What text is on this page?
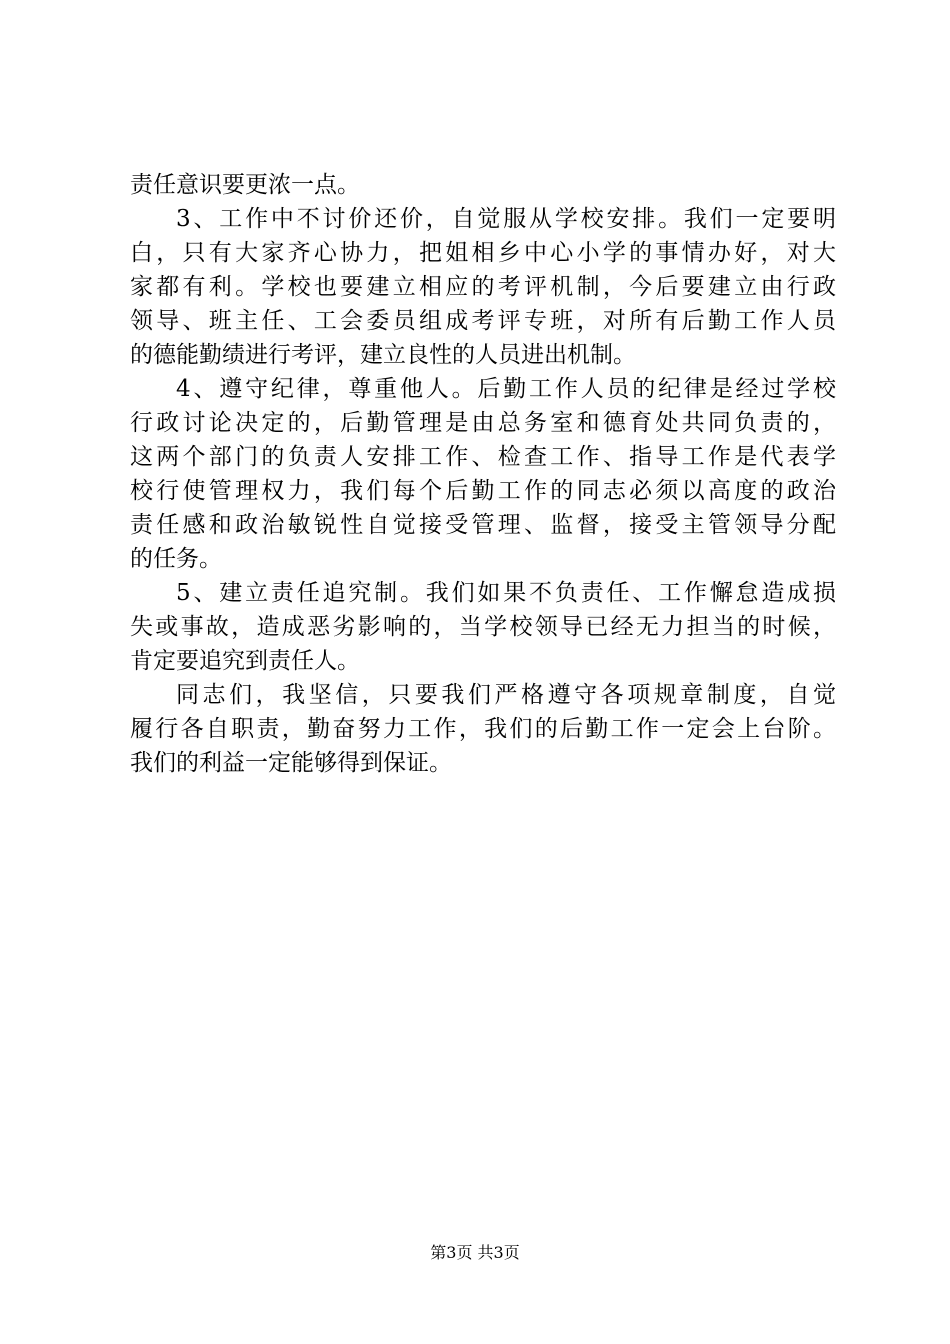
责任意识要更浓一点。
3、工作中不讨价还价，自觉服从学校安排。我们一定要明
白，只有大家齐心协力，把姐相乡中心小学的事情办好，对大
家都有利。学校也要建立相应的考评机制，今后要建立由行政
领导、班主任、工会委员组成考评专班，对所有后勤工作人员
的德能勤绩进行考评，建立良性的人员进出机制。
4、遵守纪律，尊重他人。后勤工作人员的纪律是经过学校
行政讨论决定的，后勤管理是由总务室和德育处共同负责的，
这两个部门的负责人安排工作、检查工作、指导工作是代表学
校行使管理权力，我们每个后勤工作的同志必须以高度的政治
责任感和政治敏锐性自觉接受管理、监督，接受主管领导分配
的任务。
5、建立责任追究制。我们如果不负责任、工作懈怠造成损
失或事故，造成恶劣影响的，当学校领导已经无力担当的时候，
肯定要追究到责任人。
同志们，我坚信，只要我们严格遵守各项规章制度，自觉
履行各自职责，勤奋努力工作，我们的后勤工作一定会上台阶。
我们的利益一定能够得到保证。
第3页 共3页
